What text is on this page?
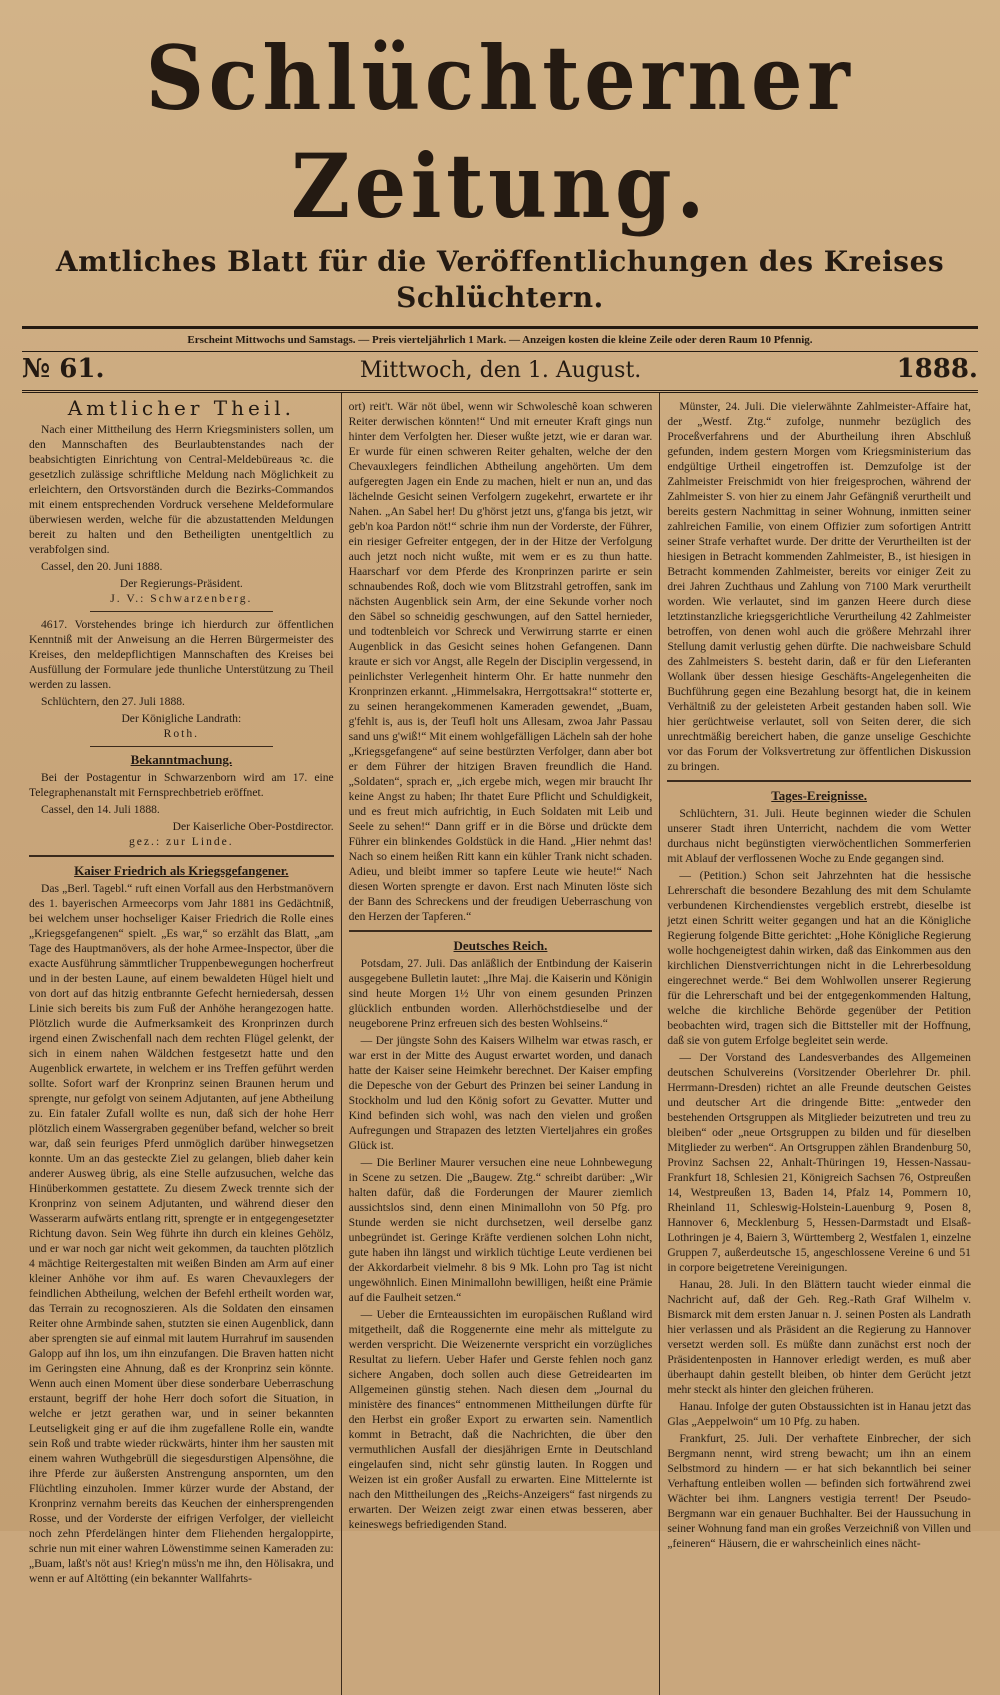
Schlüchterner Zeitung.
Amtliches Blatt für die Veröffentlichungen des Kreises Schlüchtern.
Erscheint Mittwochs und Samstags. — Preis vierteljährlich 1 Mark. — Anzeigen kosten die kleine Zeile oder deren Raum 10 Pfennig.
№ 61.	Mittwoch, den 1. August.	1888.
Amtlicher Theil.

Nach einer Mittheilung des Herrn Kriegsministers sollen, um den Mannschaften des Beurlaubtenstandes nach der beabsichtigten Einrichtung von Central-Meldebüreaus ꝛc. die gesetzlich zulässige schriftliche Meldung nach Möglichkeit zu erleichtern, den Ortsvorständen durch die Bezirks-Commandos mit einem entsprechenden Vordruck versehene Meldeformulare überwiesen werden, welche für die abzustattenden Meldungen bereit zu halten und den Betheiligten unentgeltlich zu verabfolgen sind.

Cassel, den 20. Juni 1888.

Der Regierungs-Präsident.
J. V.: Schwarzenberg.

4617. Vorstehendes bringe ich hierdurch zur öffentlichen Kenntniß mit der Anweisung an die Herren Bürgermeister des Kreises, den meldepflichtigen Mannschaften des Kreises bei Ausfüllung der Formulare jede thunliche Unterstützung zu Theil werden zu lassen.

Schlüchtern, den 27. Juli 1888.

Der Königliche Landrath:
Roth.
Bekanntmachung.

Bei der Postagentur in Schwarzenborn wird am 17. eine Telegraphenanstalt mit Fernsprechbetrieb eröffnet.

Cassel, den 14. Juli 1888.

Der Kaiserliche Ober-Postdirector.
gez.: zur Linde.
Kaiser Friedrich als Kriegsgefangener.

Das „Berl. Tagebl.“ ruft einen Vorfall aus den Herbstmanövern des 1. bayerischen Armeecorps vom Jahr 1881 ins Gedächtniß, bei welchem unser hochseliger Kaiser Friedrich die Rolle eines „Kriegsgefangenen“ spielt. „Es war,“ so erzählt das Blatt, „am Tage des Hauptmanövers, als der hohe Armee-Inspector, über die exacte Ausführung sämmtlicher Truppenbewegungen hocherfreut und in der besten Laune, auf einem bewaldeten Hügel hielt und von dort auf das hitzig entbrannte Gefecht herniedersah, dessen Linie sich bereits bis zum Fuß der Anhöhe herangezogen hatte. Plötzlich wurde die Aufmerksamkeit des Kronprinzen durch irgend einen Zwischenfall nach dem rechten Flügel gelenkt, der sich in einem nahen Wäldchen festgesetzt hatte und den Augenblick erwartete, in welchem er ins Treffen geführt werden sollte. Sofort warf der Kronprinz seinen Braunen herum und sprengte, nur gefolgt von seinem Adjutanten, auf jene Abtheilung zu. Ein fataler Zufall wollte es nun, daß sich der hohe Herr plötzlich einem Wassergraben gegenüber befand, welcher so breit war, daß sein feuriges Pferd unmöglich darüber hinwegsetzen konnte. Um an das gesteckte Ziel zu gelangen, blieb daher kein anderer Ausweg übrig, als eine Stelle aufzusuchen, welche das Hinüberkommen gestattete. Zu diesem Zweck trennte sich der Kronprinz von seinem Adjutanten, und während dieser den Wasserarm aufwärts entlang ritt, sprengte er in entgegengesetzter Richtung davon. Sein Weg führte ihn durch ein kleines Gehölz, und er war noch gar nicht weit gekommen, da tauchten plötzlich 4 mächtige Reitergestalten mit weißen Binden am Arm auf einer kleiner Anhöhe vor ihm auf. Es waren Chevauxlegers der feindlichen Abtheilung, welchen der Befehl ertheilt worden war, das Terrain zu recognoszieren. Als die Soldaten den einsamen Reiter ohne Armbinde sahen, stutzten sie einen Augenblick, dann aber sprengten sie auf einmal mit lautem Hurrahruf im sausenden Galopp auf ihn los, um ihn einzufangen. Die Braven hatten nicht im Geringsten eine Ahnung, daß es der Kronprinz sein könnte. Wenn auch einen Moment über diese sonderbare Ueberraschung erstaunt, begriff der hohe Herr doch sofort die Situation, in welche er jetzt gerathen war, und in seiner bekannten Leutseligkeit ging er auf die ihm zugefallene Rolle ein, wandte sein Roß und trabte wieder rückwärts, hinter ihm her sausten mit einem wahren Wuthgebrüll die siegesdurstigen Alpensöhne, die ihre Pferde zur äußersten Anstrengung anspornten, um den Flüchtling einzuholen. Immer kürzer wurde der Abstand, der Kronprinz vernahm bereits das Keuchen der einhersprengenden Rosse, und der Vorderste der eifrigen Verfolger, der vielleicht noch zehn Pferdelängen hinter dem Fliehenden hergaloppirte, schrie nun mit einer wahren Löwenstimme seinen Kameraden zu: „Buam, laßt's nöt aus! Krieg'n müss'n me ihn, den Hölisakra, und wenn er auf Altötting (ein bekannter Wallfahrts-

ort) reit't. Wär nöt übel, wenn wir Schwoleschê koan schweren Reiter derwischen könnten!“ Und mit erneuter Kraft gings nun hinter dem Verfolgten her. Dieser wußte jetzt, wie er daran war. Er wurde für einen schweren Reiter gehalten, welche der den Chevauxlegers feindlichen Abtheilung angehörten. Um dem aufgeregten Jagen ein Ende zu machen, hielt er nun an, und das lächelnde Gesicht seinen Verfolgern zugekehrt, erwartete er ihr Nahen. „An Sabel her! Du g'hörst jetzt uns, g'fanga bis jetzt, wir geb'n koa Pardon nöt!“ schrie ihm nun der Vorderste, der Führer, ein riesiger Gefreiter entgegen, der in der Hitze der Verfolgung auch jetzt noch nicht wußte, mit wem er es zu thun hatte. Haarscharf vor dem Pferde des Kronprinzen parirte er sein schnaubendes Roß, doch wie vom Blitzstrahl getroffen, sank im nächsten Augenblick sein Arm, der eine Sekunde vorher noch den Säbel so schneidig geschwungen, auf den Sattel hernieder, und todtenbleich vor Schreck und Verwirrung starrte er einen Augenblick in das Gesicht seines hohen Gefangenen. Dann kraute er sich vor Angst, alle Regeln der Disciplin vergessend, in peinlichster Verlegenheit hinterm Ohr. Er hatte nunmehr den Kronprinzen erkannt. „Himmelsakra, Herrgottsakra!“ stotterte er, zu seinen herangekommenen Kameraden gewendet, „Buam, g'fehlt is, aus is, der Teufl holt uns Allesam, zwoa Jahr Passau sand uns g'wiß!“ Mit einem wohlgefälligen Lächeln sah der hohe „Kriegsgefangene“ auf seine bestürzten Verfolger, dann aber bot er dem Führer der hitzigen Braven freundlich die Hand. „Soldaten“, sprach er, „ich ergebe mich, wegen mir braucht Ihr keine Angst zu haben; Ihr thatet Eure Pflicht und Schuldigkeit, und es freut mich aufrichtig, in Euch Soldaten mit Leib und Seele zu sehen!“ Dann griff er in die Börse und drückte dem Führer ein blinkendes Goldstück in die Hand. „Hier nehmt das! Nach so einem heißen Ritt kann ein kühler Trank nicht schaden. Adieu, und bleibt immer so tapfere Leute wie heute!“ Nach diesen Worten sprengte er davon. Erst nach Minuten löste sich der Bann des Schreckens und der freudigen Ueberraschung von den Herzen der Tapferen.“

Deutsches Reich.

Potsdam, 27. Juli. Das anläßlich der Entbindung der Kaiserin ausgegebene Bulletin lautet: „Ihre Maj. die Kaiserin und Königin sind heute Morgen 1½ Uhr von einem gesunden Prinzen glücklich entbunden worden. Allerhöchstdieselbe und der neugeborene Prinz erfreuen sich des besten Wohlseins.“

— Der jüngste Sohn des Kaisers Wilhelm war etwas rasch, er war erst in der Mitte des August erwartet worden, und danach hatte der Kaiser seine Heimkehr berechnet. Der Kaiser empfing die Depesche von der Geburt des Prinzen bei seiner Landung in Stockholm und lud den König sofort zu Gevatter. Mutter und Kind befinden sich wohl, was nach den vielen und großen Aufregungen und Strapazen des letzten Vierteljahres ein großes Glück ist.

— Die Berliner Maurer versuchen eine neue Lohnbewegung in Scene zu setzen. Die „Baugew. Ztg.“ schreibt darüber: „Wir halten dafür, daß die Forderungen der Maurer ziemlich aussichtslos sind, denn einen Minimallohn von 50 Pfg. pro Stunde werden sie nicht durchsetzen, weil derselbe ganz unbegründet ist. Geringe Kräfte verdienen solchen Lohn nicht, gute haben ihn längst und wirklich tüchtige Leute verdienen bei der Akkordarbeit vielmehr. 8 bis 9 Mk. Lohn pro Tag ist nicht ungewöhnlich. Einen Minimallohn bewilligen, heißt eine Prämie auf die Faulheit setzen.“

— Ueber die Ernteaussichten im europäischen Rußland wird mitgetheilt, daß die Roggenernte eine mehr als mittelgute zu werden verspricht. Die Weizenernte verspricht ein vorzügliches Resultat zu liefern. Ueber Hafer und Gerste fehlen noch ganz sichere Angaben, doch sollen auch diese Getreidearten im Allgemeinen günstig stehen. Nach diesen dem „Journal du ministère des finances“ entnommenen Mittheilungen dürfte für den Herbst ein großer Export zu erwarten sein. Namentlich kommt in Betracht, daß die Nachrichten, die über den vermuthlichen Ausfall der diesjährigen Ernte in Deutschland eingelaufen sind, nicht sehr günstig lauten. In Roggen und Weizen ist ein großer Ausfall zu erwarten. Eine Mittelernte ist nach den Mittheilungen des „Reichs-Anzeigers“ fast nirgends zu erwarten. Der Weizen zeigt zwar einen etwas besseren, aber keineswegs befriedigenden Stand.

Münster, 24. Juli. Die vielerwähnte Zahlmeister-Affaire hat, der „Westf. Ztg.“ zufolge, nunmehr bezüglich des Proceßverfahrens und der Aburtheilung ihren Abschluß gefunden, indem gestern Morgen vom Kriegsministerium das endgültige Urtheil eingetroffen ist. Demzufolge ist der Zahlmeister Freischmidt von hier freigesprochen, während der Zahlmeister S. von hier zu einem Jahr Gefängniß verurtheilt und bereits gestern Nachmittag in seiner Wohnung, inmitten seiner zahlreichen Familie, von einem Offizier zum sofortigen Antritt seiner Strafe verhaftet wurde. Der dritte der Verurtheilten ist der hiesigen in Betracht kommenden Zahlmeister, B., ist hiesigen in Betracht kommenden Zahlmeister, bereits vor einiger Zeit zu drei Jahren Zuchthaus und Zahlung von 7100 Mark verurtheilt worden. Wie verlautet, sind im ganzen Heere durch diese letztinstanzliche kriegsgerichtliche Verurtheilung 42 Zahlmeister betroffen, von denen wohl auch die größere Mehrzahl ihrer Stellung damit verlustig gehen dürfte. Die nachweisbare Schuld des Zahlmeisters S. besteht darin, daß er für den Lieferanten Wollank über dessen hiesige Geschäfts-Angelegenheiten die Buchführung gegen eine Bezahlung besorgt hat, die in keinem Verhältniß zu der geleisteten Arbeit gestanden haben soll. Wie hier gerüchtweise verlautet, soll von Seiten derer, die sich unrechtmäßig bereichert haben, die ganze unselige Geschichte vor das Forum der Volksvertretung zur öffentlichen Diskussion zu bringen.

Tages-Ereignisse.

Schlüchtern, 31. Juli. Heute beginnen wieder die Schulen unserer Stadt ihren Unterricht, nachdem die vom Wetter durchaus nicht begünstigten vierwöchentlichen Sommerferien mit Ablauf der verflossenen Woche zu Ende gegangen sind.

— (Petition.) Schon seit Jahrzehnten hat die hessische Lehrerschaft die besondere Bezahlung des mit dem Schulamte verbundenen Kirchendienstes vergeblich erstrebt, dieselbe ist jetzt einen Schritt weiter gegangen und hat an die Königliche Regierung folgende Bitte gerichtet: „Hohe Königliche Regierung wolle hochgeneigtest dahin wirken, daß das Einkommen aus den kirchlichen Dienstverrichtungen nicht in die Lehrerbesoldung eingerechnet werde.“ Bei dem Wohlwollen unserer Regierung für die Lehrerschaft und bei der entgegenkommenden Haltung, welche die kirchliche Behörde gegenüber der Petition beobachten wird, tragen sich die Bittsteller mit der Hoffnung, daß sie von gutem Erfolge begleitet sein werde.

— Der Vorstand des Landesverbandes des Allgemeinen deutschen Schulvereins (Vorsitzender Oberlehrer Dr. phil. Herrmann-Dresden) richtet an alle Freunde deutschen Geistes und deutscher Art die dringende Bitte: „entweder den bestehenden Ortsgruppen als Mitglieder beizutreten und treu zu bleiben“ oder „neue Ortsgruppen zu bilden und für dieselben Mitglieder zu werben“. An Ortsgruppen zählen Brandenburg 50, Provinz Sachsen 22, Anhalt-Thüringen 19, Hessen-Nassau-Frankfurt 18, Schlesien 21, Königreich Sachsen 76, Ostpreußen 14, Westpreußen 13, Baden 14, Pfalz 14, Pommern 10, Rheinland 11, Schleswig-Holstein-Lauenburg 9, Posen 8, Hannover 6, Mecklenburg 5, Hessen-Darmstadt und Elsaß-Lothringen je 4, Baiern 3, Württemberg 2, Westfalen 1, einzelne Gruppen 7, außerdeutsche 15, angeschlossene Vereine 6 und 51 in corpore beigetretene Vereinigungen.

Hanau, 28. Juli. In den Blättern taucht wieder einmal die Nachricht auf, daß der Geh. Reg.-Rath Graf Wilhelm v. Bismarck mit dem ersten Januar n. J. seinen Posten als Landrath hier verlassen und als Präsident an die Regierung zu Hannover versetzt werden soll. Es müßte dann zunächst erst noch der Präsidentenposten in Hannover erledigt werden, es muß aber überhaupt dahin gestellt bleiben, ob hinter dem Gerücht jetzt mehr steckt als hinter den gleichen früheren.

Hanau. Infolge der guten Obstaussichten ist in Hanau jetzt das Glas „Aeppelwoin“ um 10 Pfg. zu haben.

Frankfurt, 25. Juli. Der verhaftete Einbrecher, der sich Bergmann nennt, wird streng bewacht; um ihn an einem Selbstmord zu hindern — er hat sich bekanntlich bei seiner Verhaftung entleiben wollen — befinden sich fortwährend zwei Wächter bei ihm. Langners vestigia terrent! Der Pseudo-Bergmann war ein genauer Buchhalter. Bei der Haussuchung in seiner Wohnung fand man ein großes Verzeichniß von Villen und „feineren“ Häusern, die er wahrscheinlich eines nächt-
